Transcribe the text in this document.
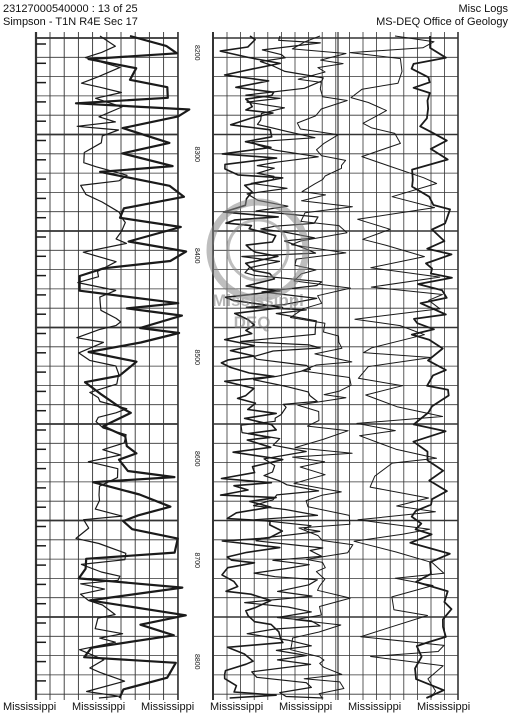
23127000540000 : 13 of 25
Simpson - T1N R4E Sec 17
Misc Logs
MS-DEQ Office of Geology
8200
8300
8400
8500
8600
8700
8800
Mississippi
DEQ
Mississippi Mississippi Mississippi Mississippi Mississippi Mississippi Mississippi
